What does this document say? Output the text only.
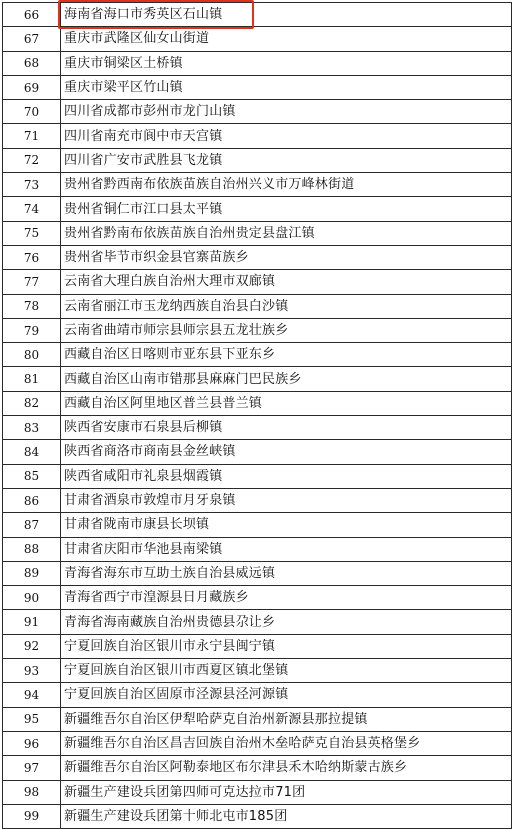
66	海南省海口市秀英区石山镇
67	重庆市武隆区仙女山街道
68	重庆市铜梁区土桥镇
69	重庆市梁平区竹山镇
70	四川省成都市彭州市龙门山镇
71	四川省南充市阆中市天宫镇
72	四川省广安市武胜县飞龙镇
73	贵州省黔西南布依族苗族自治州兴义市万峰林街道
74	贵州省铜仁市江口县太平镇
75	贵州省黔南布依族苗族自治州贵定县盘江镇
76	贵州省毕节市织金县官寨苗族乡
77	云南省大理白族自治州大理市双廊镇
78	云南省丽江市玉龙纳西族自治县白沙镇
79	云南省曲靖市师宗县师宗县五龙壮族乡
80	西藏自治区日喀则市亚东县下亚东乡
81	西藏自治区山南市错那县麻麻门巴民族乡
82	西藏自治区阿里地区普兰县普兰镇
83	陕西省安康市石泉县后柳镇
84	陕西省商洛市商南县金丝峡镇
85	陕西省咸阳市礼泉县烟霞镇
86	甘肃省酒泉市敦煌市月牙泉镇
87	甘肃省陇南市康县长坝镇
88	甘肃省庆阳市华池县南梁镇
89	青海省海东市互助土族自治县威远镇
90	青海省西宁市湟源县日月藏族乡
91	青海省海南藏族自治州贵德县尕让乡
92	宁夏回族自治区银川市永宁县闽宁镇
93	宁夏回族自治区银川市西夏区镇北堡镇
94	宁夏回族自治区固原市泾源县泾河源镇
95	新疆维吾尔自治区伊犁哈萨克自治州新源县那拉提镇
96	新疆维吾尔自治区昌吉回族自治州木垒哈萨克自治县英格堡乡
97	新疆维吾尔自治区阿勒泰地区布尔津县禾木哈纳斯蒙古族乡
98	新疆生产建设兵团第四师可克达拉市71团
99	新疆生产建设兵团第十师北屯市185团
